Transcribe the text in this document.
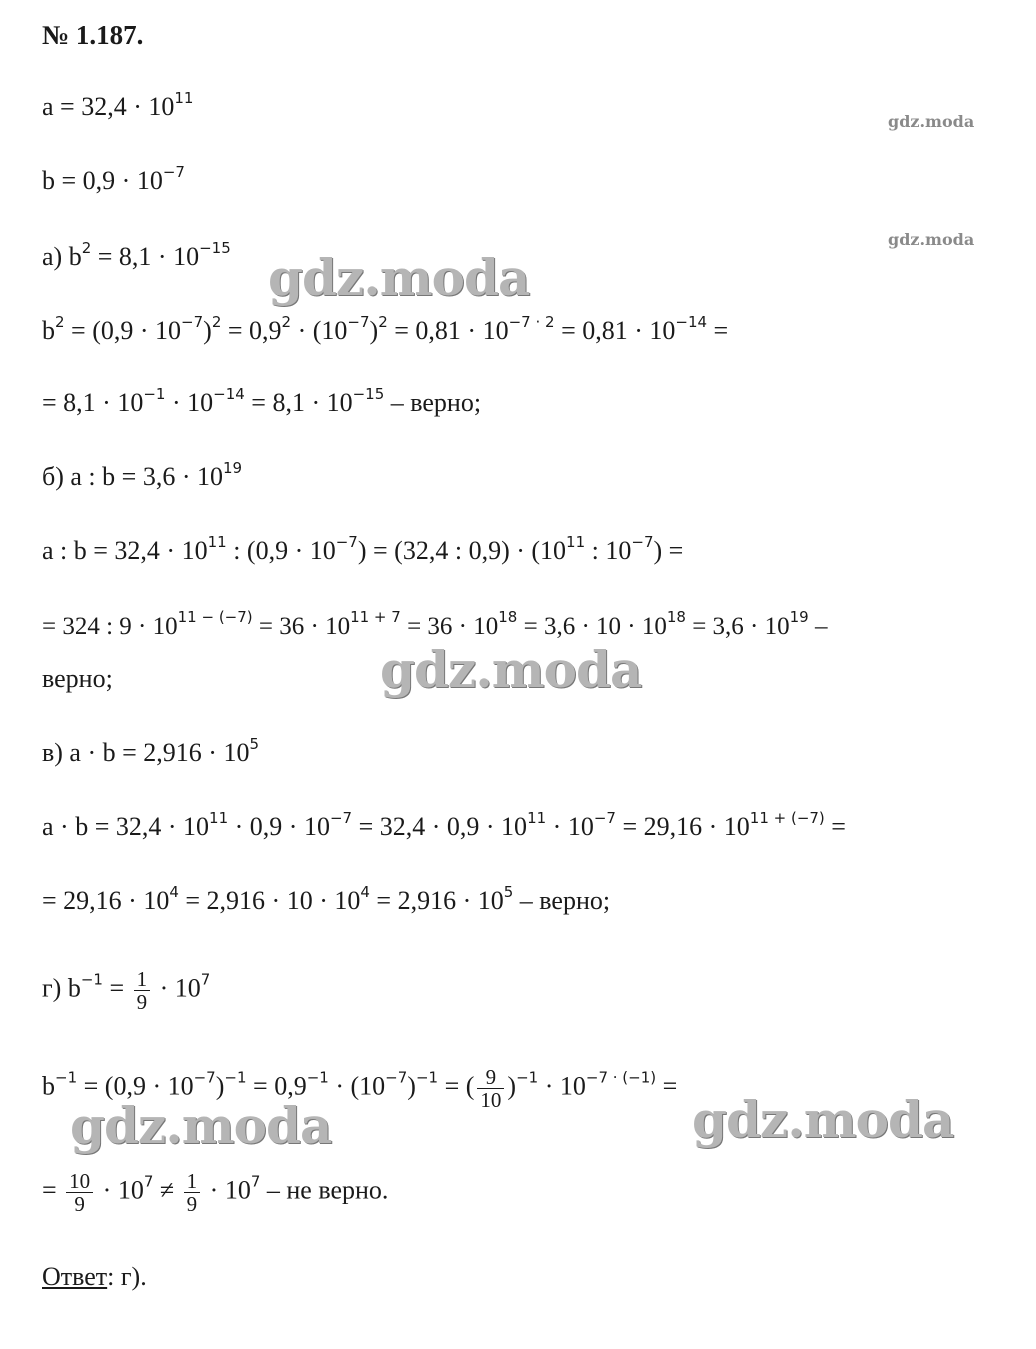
gdz.moda
gdz.moda
gdz.moda
gdz.moda
gdz.moda	gdz.moda
№ 1.187.
$a = 32,4 \cdot 10^{11}$
$b = 0,9 \cdot 10^{-7}$
а) $b^2 = 8,1 \cdot 10^{-15}$
$b^2 = (0,9 \cdot 10^{-7})^2 = 0,9^2 \cdot (10^{-7})^2 = 0,81 \cdot 10^{-7 \cdot 2} = 0,81 \cdot 10^{-14}$ =
= $8,1 \cdot 10^{-1} \cdot 10^{-14} = 8,1 \cdot 10^{-15}$ – верно;
б) a : $b = 3,6 \cdot 10^{19}$
a : $b = 32,4 \cdot 10^{11}$ : $(0,9 \cdot 10^{-7}) = (32,4$ : $0,9) \cdot (10^{11}$ : $10^{-7}$) =
= 324 : $9 \cdot 10^{11 - (-7)} = 36 \cdot 10^{11 + 7} = 36 \cdot 10^{18} = 3,6 \cdot 10 \cdot 10^{18} = 3,6 \cdot 10^{19}$ –
верно;
в) $a \cdot b = 2,916 \cdot 10^5$
$a \cdot b = 32,4 \cdot 10^{11} \cdot 0,9 \cdot 10^{-7} = 32,4 \cdot 0,9 \cdot 10^{11} \cdot 10^{-7} = 29,16 \cdot 10^{11 + (-7)}$ =
= $29,16 \cdot 10^4 = 2,916 \cdot 10 \cdot 10^4 = 2,916 \cdot 10^5$ – верно;
г) $b^{-1} = \frac{1}{9} \cdot 10^7$
$b^{-1} = (0,9 \cdot 10^{-7})^{-1} = 0,9^{-1} \cdot (10^{-7})^{-1}$ = ( $\frac{9}{10} )^{-1} \cdot 10^{-7 \cdot (-1)}$ =
= $\frac{10}{9} \cdot 10^7 \ne \frac{1}{9} \cdot 10^7$ – не верно.
Ответ: г).
